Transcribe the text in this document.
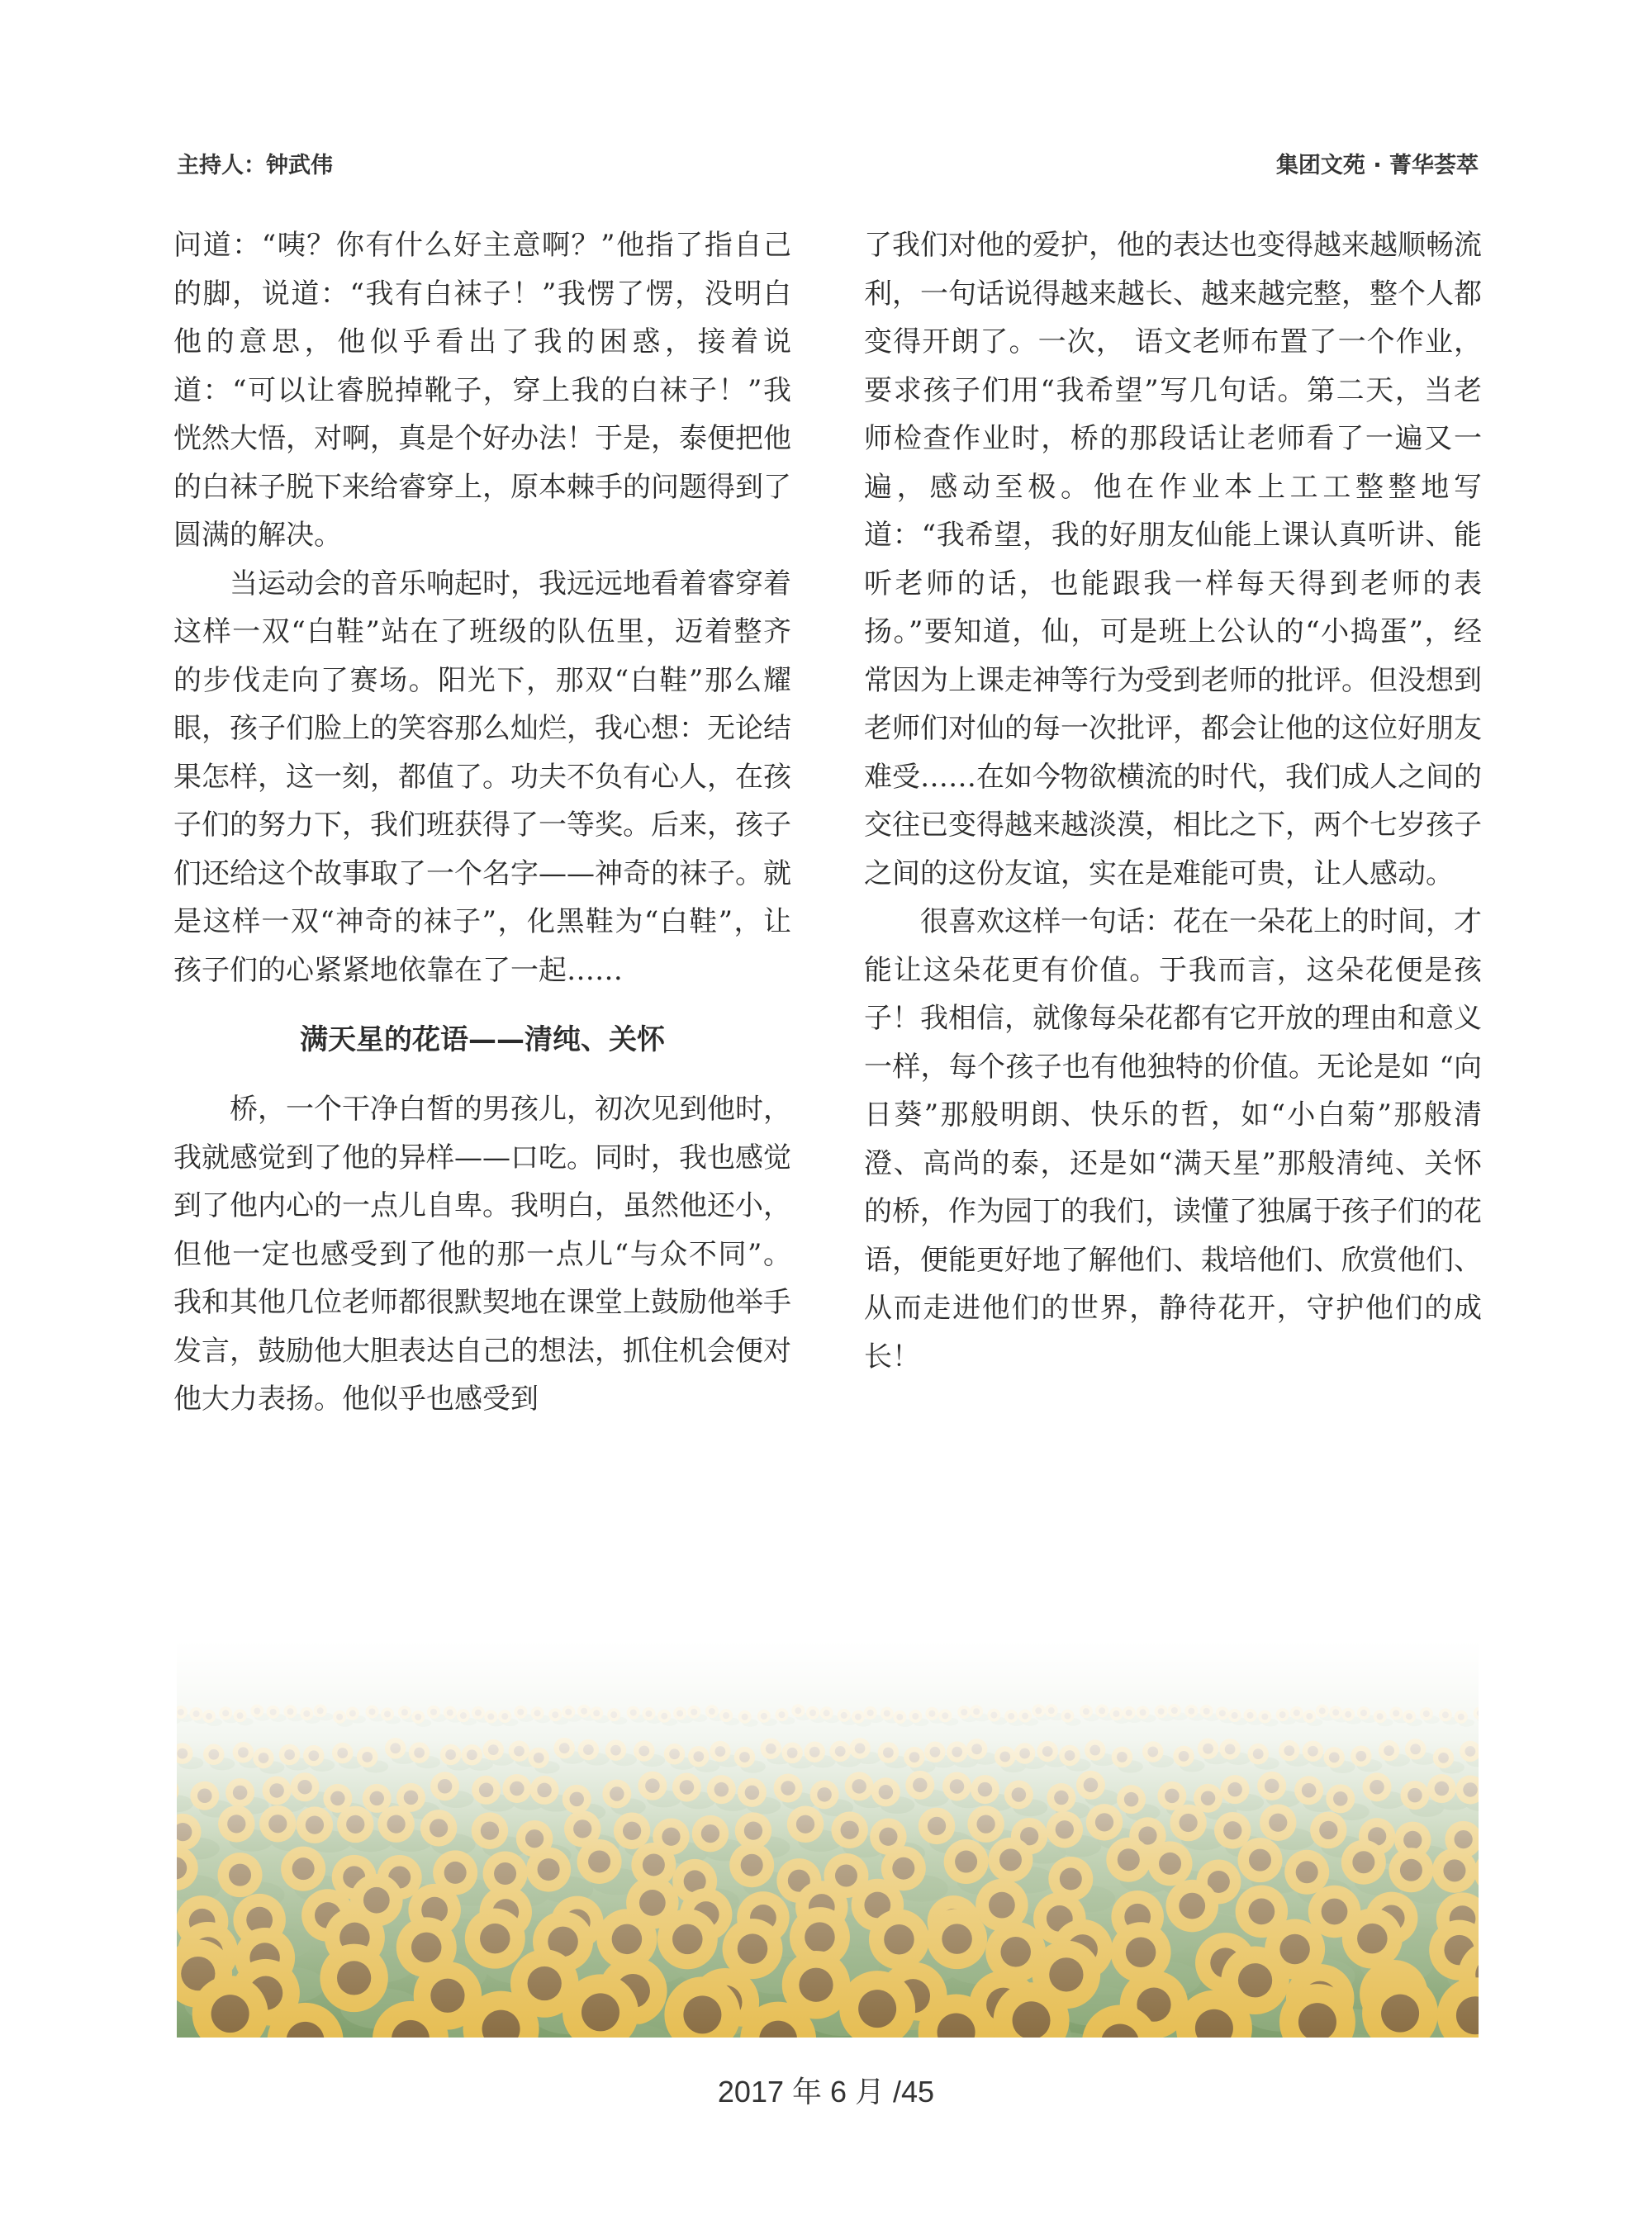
主持人：钟武伟	集团文苑 · 菁华荟萃

问道：“咦？你有什么好主意啊？”他指了指自己的脚，说道：“我有白袜子！”我愣了愣，没明白他的意思，他似乎看出了我的困惑，接着说道：“可以让睿脱掉靴子，穿上我的白袜子！”我恍然大悟，对啊，真是个好办法！于是，泰便把他的白袜子脱下来给睿穿上，原本棘手的问题得到了圆满的解决。

当运动会的音乐响起时，我远远地看着睿穿着这样一双“白鞋”站在了班级的队伍里，迈着整齐的步伐走向了赛场。阳光下，那双“白鞋”那么耀眼，孩子们脸上的笑容那么灿烂，我心想：无论结果怎样，这一刻，都值了。功夫不负有心人，在孩子们的努力下，我们班获得了一等奖。后来，孩子们还给这个故事取了一个名字——神奇的袜子。就是这样一双“神奇的袜子”，化黑鞋为“白鞋”，让孩子们的心紧紧地依靠在了一起……

满天星的花语——清纯、关怀

桥，一个干净白皙的男孩儿，初次见到他时，我就感觉到了他的异样——口吃。同时，我也感觉到了他内心的一点儿自卑。我明白，虽然他还小，但他一定也感受到了他的那一点儿“与众不同”。我和其他几位老师都很默契地在课堂上鼓励他举手发言，鼓励他大胆表达自己的想法，抓住机会便对他大力表扬。他似乎也感受到

了我们对他的爱护，他的表达也变得越来越顺畅流利，一句话说得越来越长、越来越完整，整个人都变得开朗了。一次， 语文老师布置了一个作业，要求孩子们用“我希望”写几句话。第二天，当老师检查作业时，桥的那段话让老师看了一遍又一遍，感动至极。他在作业本上工工整整地写道：“我希望，我的好朋友仙能上课认真听讲、能听老师的话，也能跟我一样每天得到老师的表扬。”要知道，仙，可是班上公认的“小捣蛋”，经常因为上课走神等行为受到老师的批评。但没想到老师们对仙的每一次批评，都会让他的这位好朋友难受……在如今物欲横流的时代，我们成人之间的交往已变得越来越淡漠，相比之下，两个七岁孩子之间的这份友谊，实在是难能可贵，让人感动。

很喜欢这样一句话：花在一朵花上的时间，才能让这朵花更有价值。于我而言，这朵花便是孩子！我相信，就像每朵花都有它开放的理由和意义一样，每个孩子也有他独特的价值。无论是如 “向日葵”那般明朗、快乐的哲，如“小白菊”那般清澄、高尚的泰，还是如“满天星”那般清纯、关怀的桥，作为园丁的我们，读懂了独属于孩子们的花语，便能更好地了解他们、栽培他们、欣赏他们、从而走进他们的世界，静待花开，守护他们的成长！

2017 年 6 月 /45
